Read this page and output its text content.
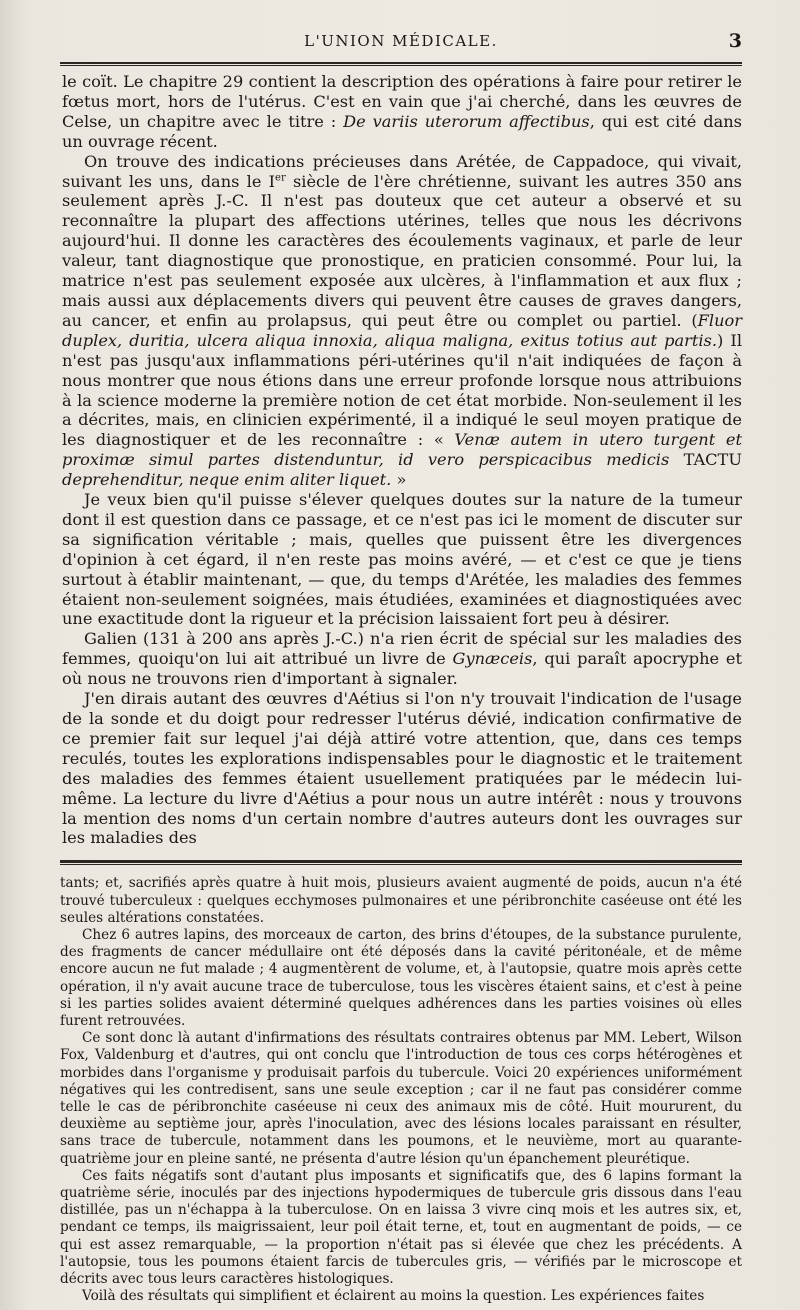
L'UNION MÉDICALE.	3

le coït. Le chapitre 29 contient la description des opérations à faire pour retirer le fœtus mort, hors de l'utérus. C'est en vain que j'ai cherché, dans les œuvres de Celse, un chapitre avec le titre : De variis uterorum affectibus, qui est cité dans un ouvrage récent.

On trouve des indications précieuses dans Arétée, de Cappadoce, qui vivait, suivant les uns, dans le Ier siècle de l'ère chrétienne, suivant les autres 350 ans seulement après J.-C. Il n'est pas douteux que cet auteur a observé et su reconnaître la plupart des affections utérines, telles que nous les décrivons aujourd'hui. Il donne les caractères des écoulements vaginaux, et parle de leur valeur, tant diagnostique que pronostique, en praticien consommé. Pour lui, la matrice n'est pas seulement exposée aux ulcères, à l'inflammation et aux flux ; mais aussi aux déplacements divers qui peuvent être causes de graves dangers, au cancer, et enfin au prolapsus, qui peut être ou complet ou partiel. (Fluor duplex, duritia, ulcera aliqua innoxia, aliqua maligna, exitus totius aut partis.) Il n'est pas jusqu'aux inflammations péri-utérines qu'il n'ait indiquées de façon à nous montrer que nous étions dans une erreur profonde lorsque nous attribuions à la science moderne la première notion de cet état morbide. Non-seulement il les a décrites, mais, en clinicien expérimenté, il a indiqué le seul moyen pratique de les diagnostiquer et de les reconnaître : « Venæ autem in utero turgent et proximæ simul partes distenduntur, id vero perspicacibus medicis TACTU deprehenditur, neque enim aliter liquet. »

Je veux bien qu'il puisse s'élever quelques doutes sur la nature de la tumeur dont il est question dans ce passage, et ce n'est pas ici le moment de discuter sur sa signification véritable ; mais, quelles que puissent être les divergences d'opinion à cet égard, il n'en reste pas moins avéré, — et c'est ce que je tiens surtout à établir maintenant, — que, du temps d'Arétée, les maladies des femmes étaient non-seulement soignées, mais étudiées, examinées et diagnostiquées avec une exactitude dont la rigueur et la précision laissaient fort peu à désirer.

Galien (131 à 200 ans après J.-C.) n'a rien écrit de spécial sur les maladies des femmes, quoiqu'on lui ait attribué un livre de Gynæceis, qui paraît apocryphe et où nous ne trouvons rien d'important à signaler.

J'en dirais autant des œuvres d'Aétius si l'on n'y trouvait l'indication de l'usage de la sonde et du doigt pour redresser l'utérus dévié, indication confirmative de ce premier fait sur lequel j'ai déjà attiré votre attention, que, dans ces temps reculés, toutes les explorations indispensables pour le diagnostic et le traitement des maladies des femmes étaient usuellement pratiquées par le médecin lui-même. La lecture du livre d'Aétius a pour nous un autre intérêt : nous y trouvons la mention des noms d'un certain nombre d'autres auteurs dont les ouvrages sur les maladies des

tants; et, sacrifiés après quatre à huit mois, plusieurs avaient augmenté de poids, aucun n'a été trouvé tuberculeux : quelques ecchymoses pulmonaires et une péribronchite caséeuse ont été les seules altérations constatées.

Chez 6 autres lapins, des morceaux de carton, des brins d'étoupes, de la substance purulente, des fragments de cancer médullaire ont été déposés dans la cavité péritonéale, et de même encore aucun ne fut malade ; 4 augmentèrent de volume, et, à l'autopsie, quatre mois après cette opération, il n'y avait aucune trace de tuberculose, tous les viscères étaient sains, et c'est à peine si les parties solides avaient déterminé quelques adhérences dans les parties voisines où elles furent retrouvées.

Ce sont donc là autant d'infirmations des résultats contraires obtenus par MM. Lebert, Wilson Fox, Valdenburg et d'autres, qui ont conclu que l'introduction de tous ces corps hétérogènes et morbides dans l'organisme y produisait parfois du tubercule. Voici 20 expériences uniformément négatives qui les contredisent, sans une seule exception ; car il ne faut pas considérer comme telle le cas de péribronchite caséeuse ni ceux des animaux mis de côté. Huit moururent, du deuxième au septième jour, après l'inoculation, avec des lésions locales paraissant en résulter, sans trace de tubercule, notamment dans les poumons, et le neuvième, mort au quarante-quatrième jour en pleine santé, ne présenta d'autre lésion qu'un épanchement pleurétique.

Ces faits négatifs sont d'autant plus imposants et significatifs que, des 6 lapins formant la quatrième série, inoculés par des injections hypodermiques de tubercule gris dissous dans l'eau distillée, pas un n'échappa à la tuberculose. On en laissa 3 vivre cinq mois et les autres six, et, pendant ce temps, ils maigrissaient, leur poil était terne, et, tout en augmentant de poids, — ce qui est assez remarquable, — la proportion n'était pas si élevée que chez les précédents. A l'autopsie, tous les poumons étaient farcis de tubercules gris, — vérifiés par le microscope et décrits avec tous leurs caractères histologiques.

Voilà des résultats qui simplifient et éclairent au moins la question. Les expériences faites
